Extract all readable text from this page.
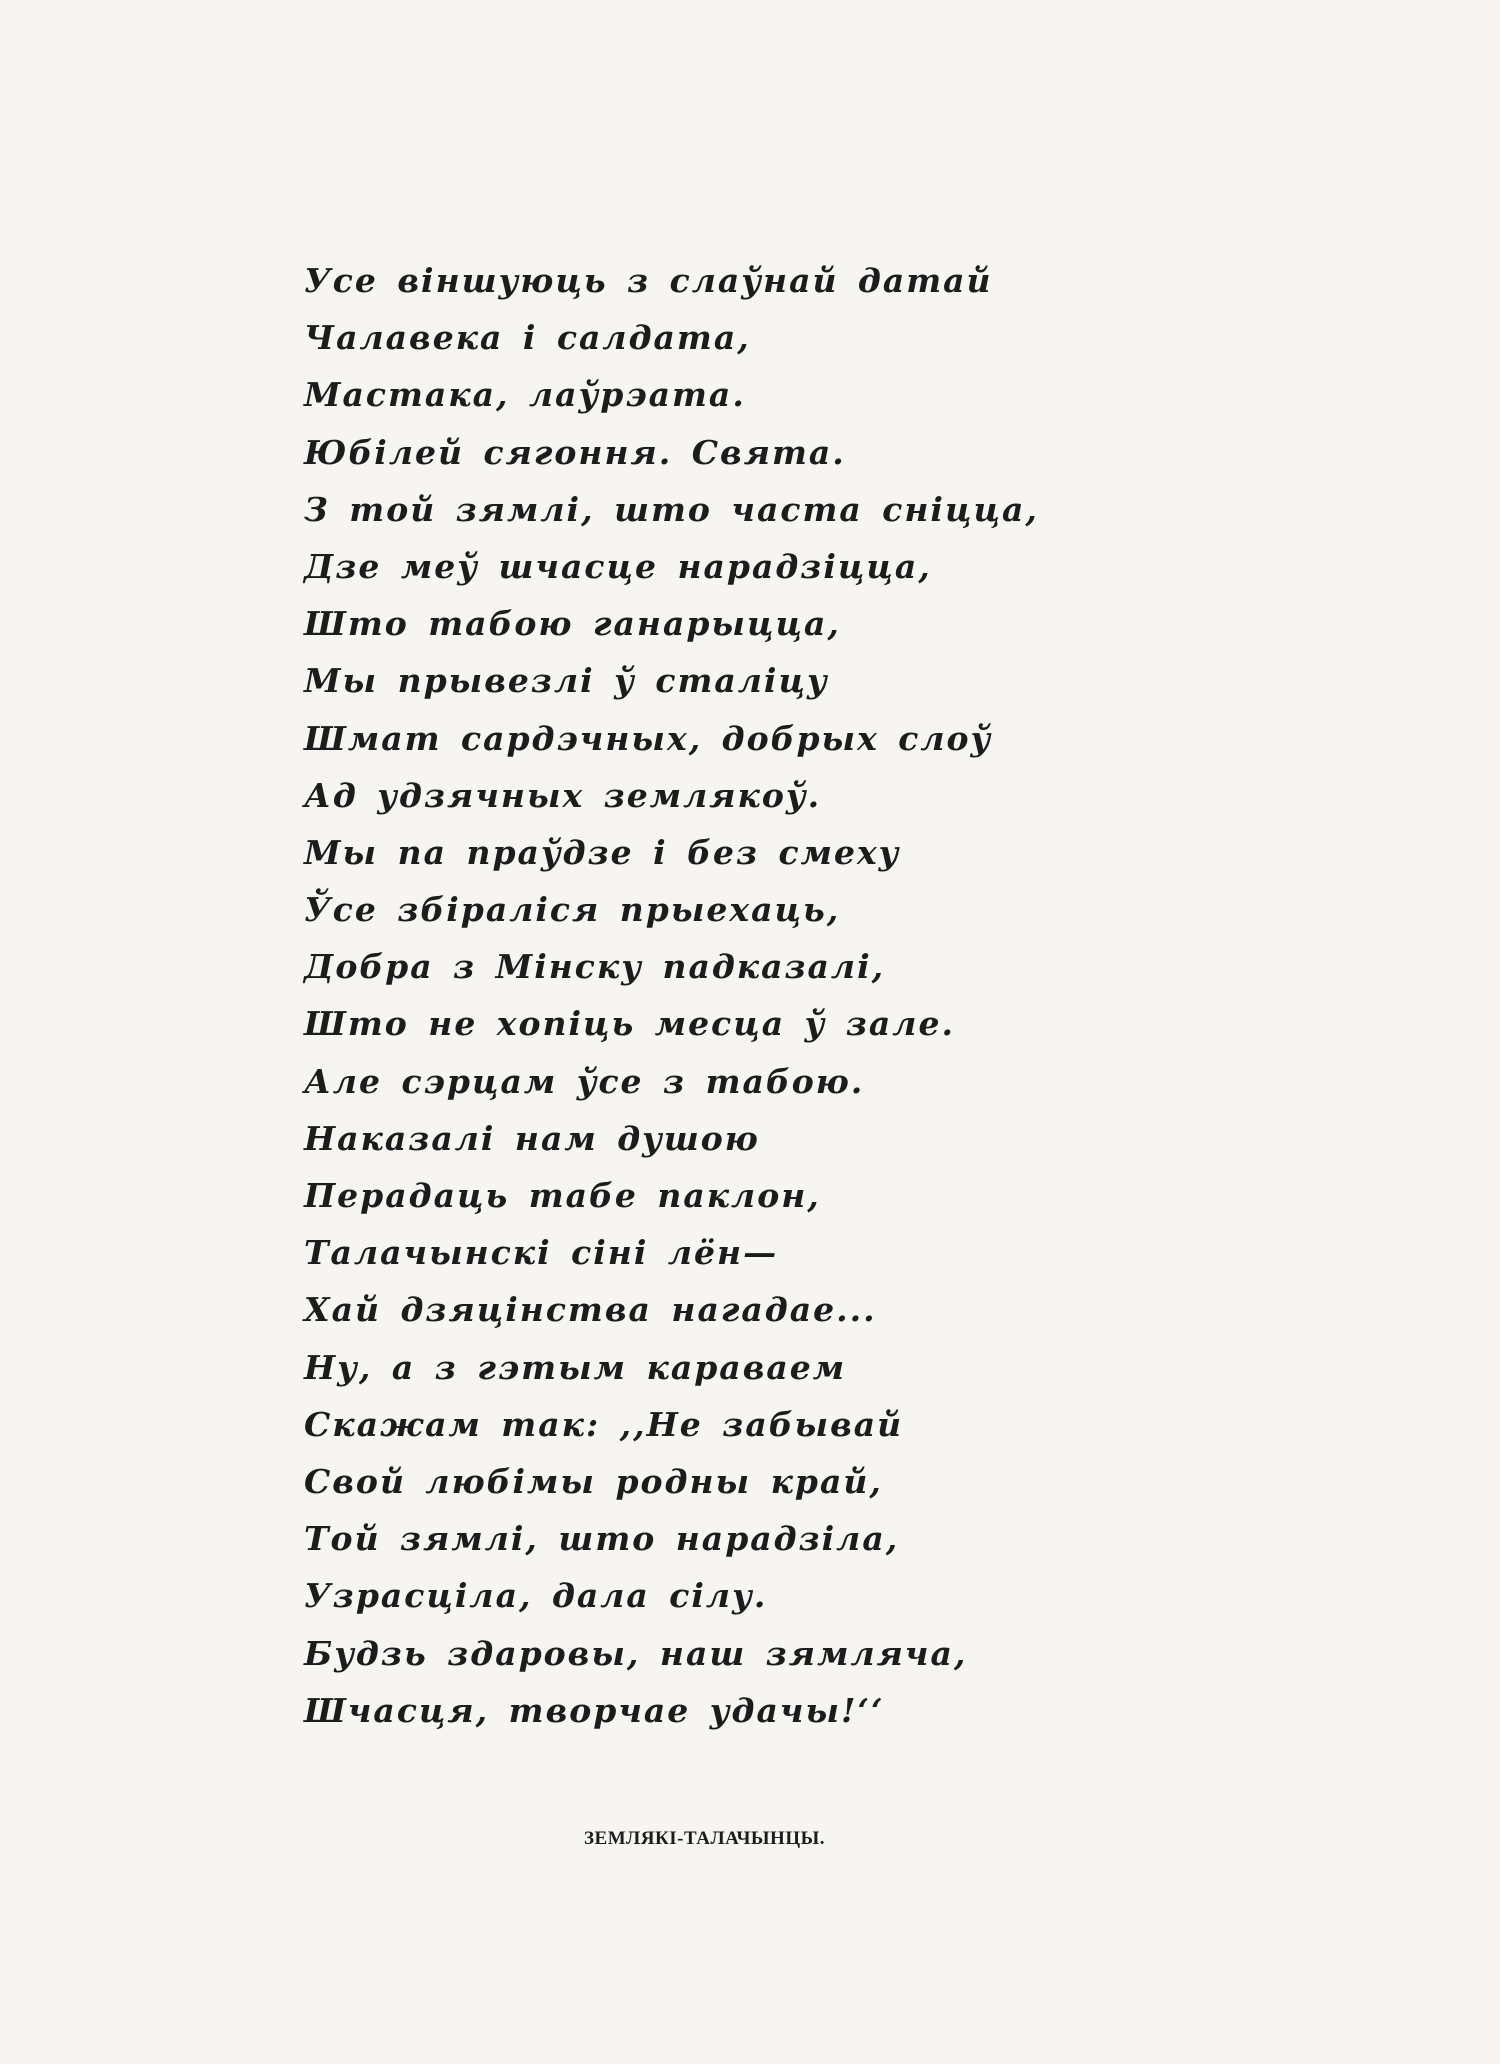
Усе віншуюць з слаўнай датай
Чалавека і салдата,
Мастака, лаўрэата.
Юбілей сягоння. Свята.
З той зямлі, што часта сніцца,
Дзе мeў шчасце нарадзіцца,
Што табою ганарыцца,
Мы прывезлі ў сталіцу
Шмат сардэчных, добрых слоў
Ад удзячных землякоў.
Мы па праўдзе і без смеху
Ўсе збіраліся прыехаць,
Добра з Мінску падказалі,
Што не хопіць месца ў зале.
Але сэрцам ўсе з табою.
Наказалі нам душою
Перадаць табе паклон,
Талачынскі сіні лён—
Хай дзяцінства нагадае...
Ну, а з гэтым караваем
Скажам так: ,,Не забывай
Свой любімы родны край,
Той зямлі, што нарадзіла,
Узрасціла, дала сілу.
Будзь здаровы, наш зямляча,
Шчасця, творчае удачы!‘‘
ЗЕМЛЯКІ-ТАЛАЧЫНЦЫ.
